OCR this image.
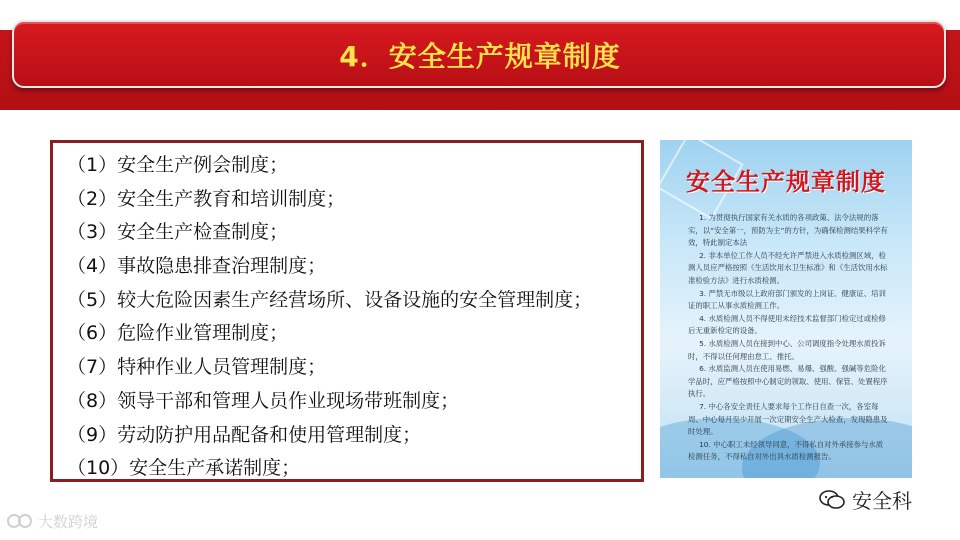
4．安全生产规章制度
（1）安全生产例会制度；
（2）安全生产教育和培训制度；
（3）安全生产检查制度；
（4）事故隐患排查治理制度；
（5）较大危险因素生产经营场所、设备设施的安全管理制度；
（6）危险作业管理制度；
（7）特种作业人员管理制度；
（8）领导干部和管理人员作业现场带班制度；
（9）劳动防护用品配备和使用管理制度；
（10）安全生产承诺制度；
安全生产规章制度

1. 为贯彻执行国家有关水质的各项政策、法令法规的落实，以“安全第一，预防为主”的方针，为确保检测结果科学有效，特此制定本法

2. 非本单位工作人员不经允许严禁进入水质检测区域，检测人员应严格按照《生活饮用水卫生标准》和《生活饮用水标准检验方法》进行水质检测。

3. 严禁无市级以上政府部门颁发的上岗证、健康证、培训证的职工从事水质检测工作。

4. 水质检测人员不得使用未经技术监督部门检定过或检修后无重新检定的设备。

5. 水质检测人员在接到中心、公司调度指令处理水质投诉时，不得以任何理由怠工、推托。

6. 水质监测人员在使用易燃、易爆、强酸、强碱等危险化学品时，应严格按照中心制定的领取、使用、保管、处置程序执行。

7. 中心各安全责任人要求每个工作日自查一次，各室每周、中心每月至少开展一次定期安全生产大检查，发现隐患及时处理。

10. 中心职工未经领导同意，不得私自对外承接参与水质检测任务，不得私自对外出具水质检测报告。

安全科
大数跨境
